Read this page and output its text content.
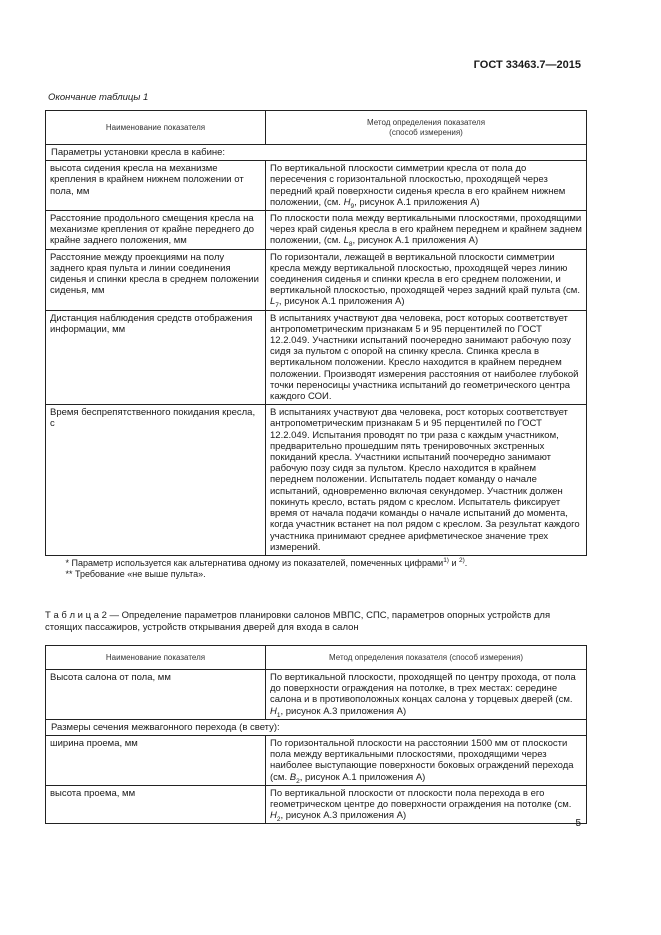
ГОСТ 33463.7—2015
Окончание таблицы 1
Наименование показателя	Метод определения показателя
(способ измерения)

Параметры установки кресла в кабине:	
высота сидения кресла на механизме крепления в крайнем нижнем положении от пола, мм	По вертикальной плоскости симметрии кресла от пола до пересечения с горизонтальной плоскостью, проходящей через передний край поверхности сиденья кресла в его крайнем нижнем положении, (см. $H_9$, рисунок А.1 приложения А)
Расстояние продольного смещения кресла на механизме крепления от крайне переднего до крайне заднего положения, мм	По плоскости пола между вертикальными плоскостями, проходящими через край сиденья кресла в его крайнем переднем и крайнем заднем положении, (см. $L_8$, рисунок А.1 приложения А)
Расстояние между проекциями на полу заднего края пульта и линии соединения сиденья и спинки кресла в среднем положении сиденья, мм	По горизонтали, лежащей в вертикальной плоскости симметрии кресла между вертикальной плоскостью, проходящей через линию соединения сиденья и спинки кресла в его среднем положении, и вертикальной плоскостью, проходящей через задний край пульта (см. $L_7$, рисунок А.1 приложения А)
Дистанция наблюдения средств отображения информации, мм	В испытаниях участвуют два человека, рост которых соответствует антропометрическим признакам 5 и 95 перцентилей по ГОСТ 12.2.049. Участники испытаний поочередно занимают рабочую позу сидя за пультом с опорой на спинку кресла. Спинка кресла в вертикальном положении. Кресло находится в крайнем переднем положении. Производят измерения расстояния от наиболее глубокой точки переносицы участника испытаний до геометрического центра каждого СОИ.
Время беспрепятственного покидания кресла, с	В испытаниях участвуют два человека, рост которых соответствует антропометрическим признакам 5 и 95 перцентилей по ГОСТ 12.2.049. Испытания проводят по три раза с каждым участником, предварительно прошедшим пять тренировочных экстренных покиданий кресла. Участники испытаний поочередно занимают рабочую позу сидя за пультом. Кресло находится в крайнем переднем положении. Испытатель подает команду о начале испытаний, одновременно включая секундомер. Участник должен покинуть кресло, встать рядом с креслом. Испытатель фиксирует время от начала подачи команды о начале испытаний до момента, когда участник встанет на пол рядом с креслом. За результат каждого участника принимают среднее арифметическое значение трех измерений.

* Параметр используется как альтернатива одному из показателей, помеченных цифрами$^{1)}$ и $^{2)}$.
** Требование «не выше пульта».	
Т а б л и ц а 2 — Определение параметров планировки салонов МВПС, СПС, параметров опорных устройств для стоящих пассажиров, устройств открывания дверей для входа в салон
Наименование показателя	Метод определения показателя (способ измерения)
Высота салона от пола, мм	По вертикальной плоскости, проходящей по центру прохода, от пола до поверхности ограждения на потолке, в трех местах: середине салона и в противоположных концах салона у торцевых дверей (см. $H_1$, рисунок А.3 приложения А)
Размеры сечения межвагонного перехода (в свету):	
ширина проема, мм	По горизонтальной плоскости на расстоянии 1500 мм от плоскости пола между вертикальными плоскостями, проходящими через наиболее выступающие поверхности боковых ограждений перехода (см. $B_2$, рисунок А.1 приложения А)
высота проема, мм	По вертикальной плоскости от плоскости пола перехода в его геометрическом центре до поверхности ограждения на потолке (см. $H_2$, рисунок А.3 приложения А)
5
